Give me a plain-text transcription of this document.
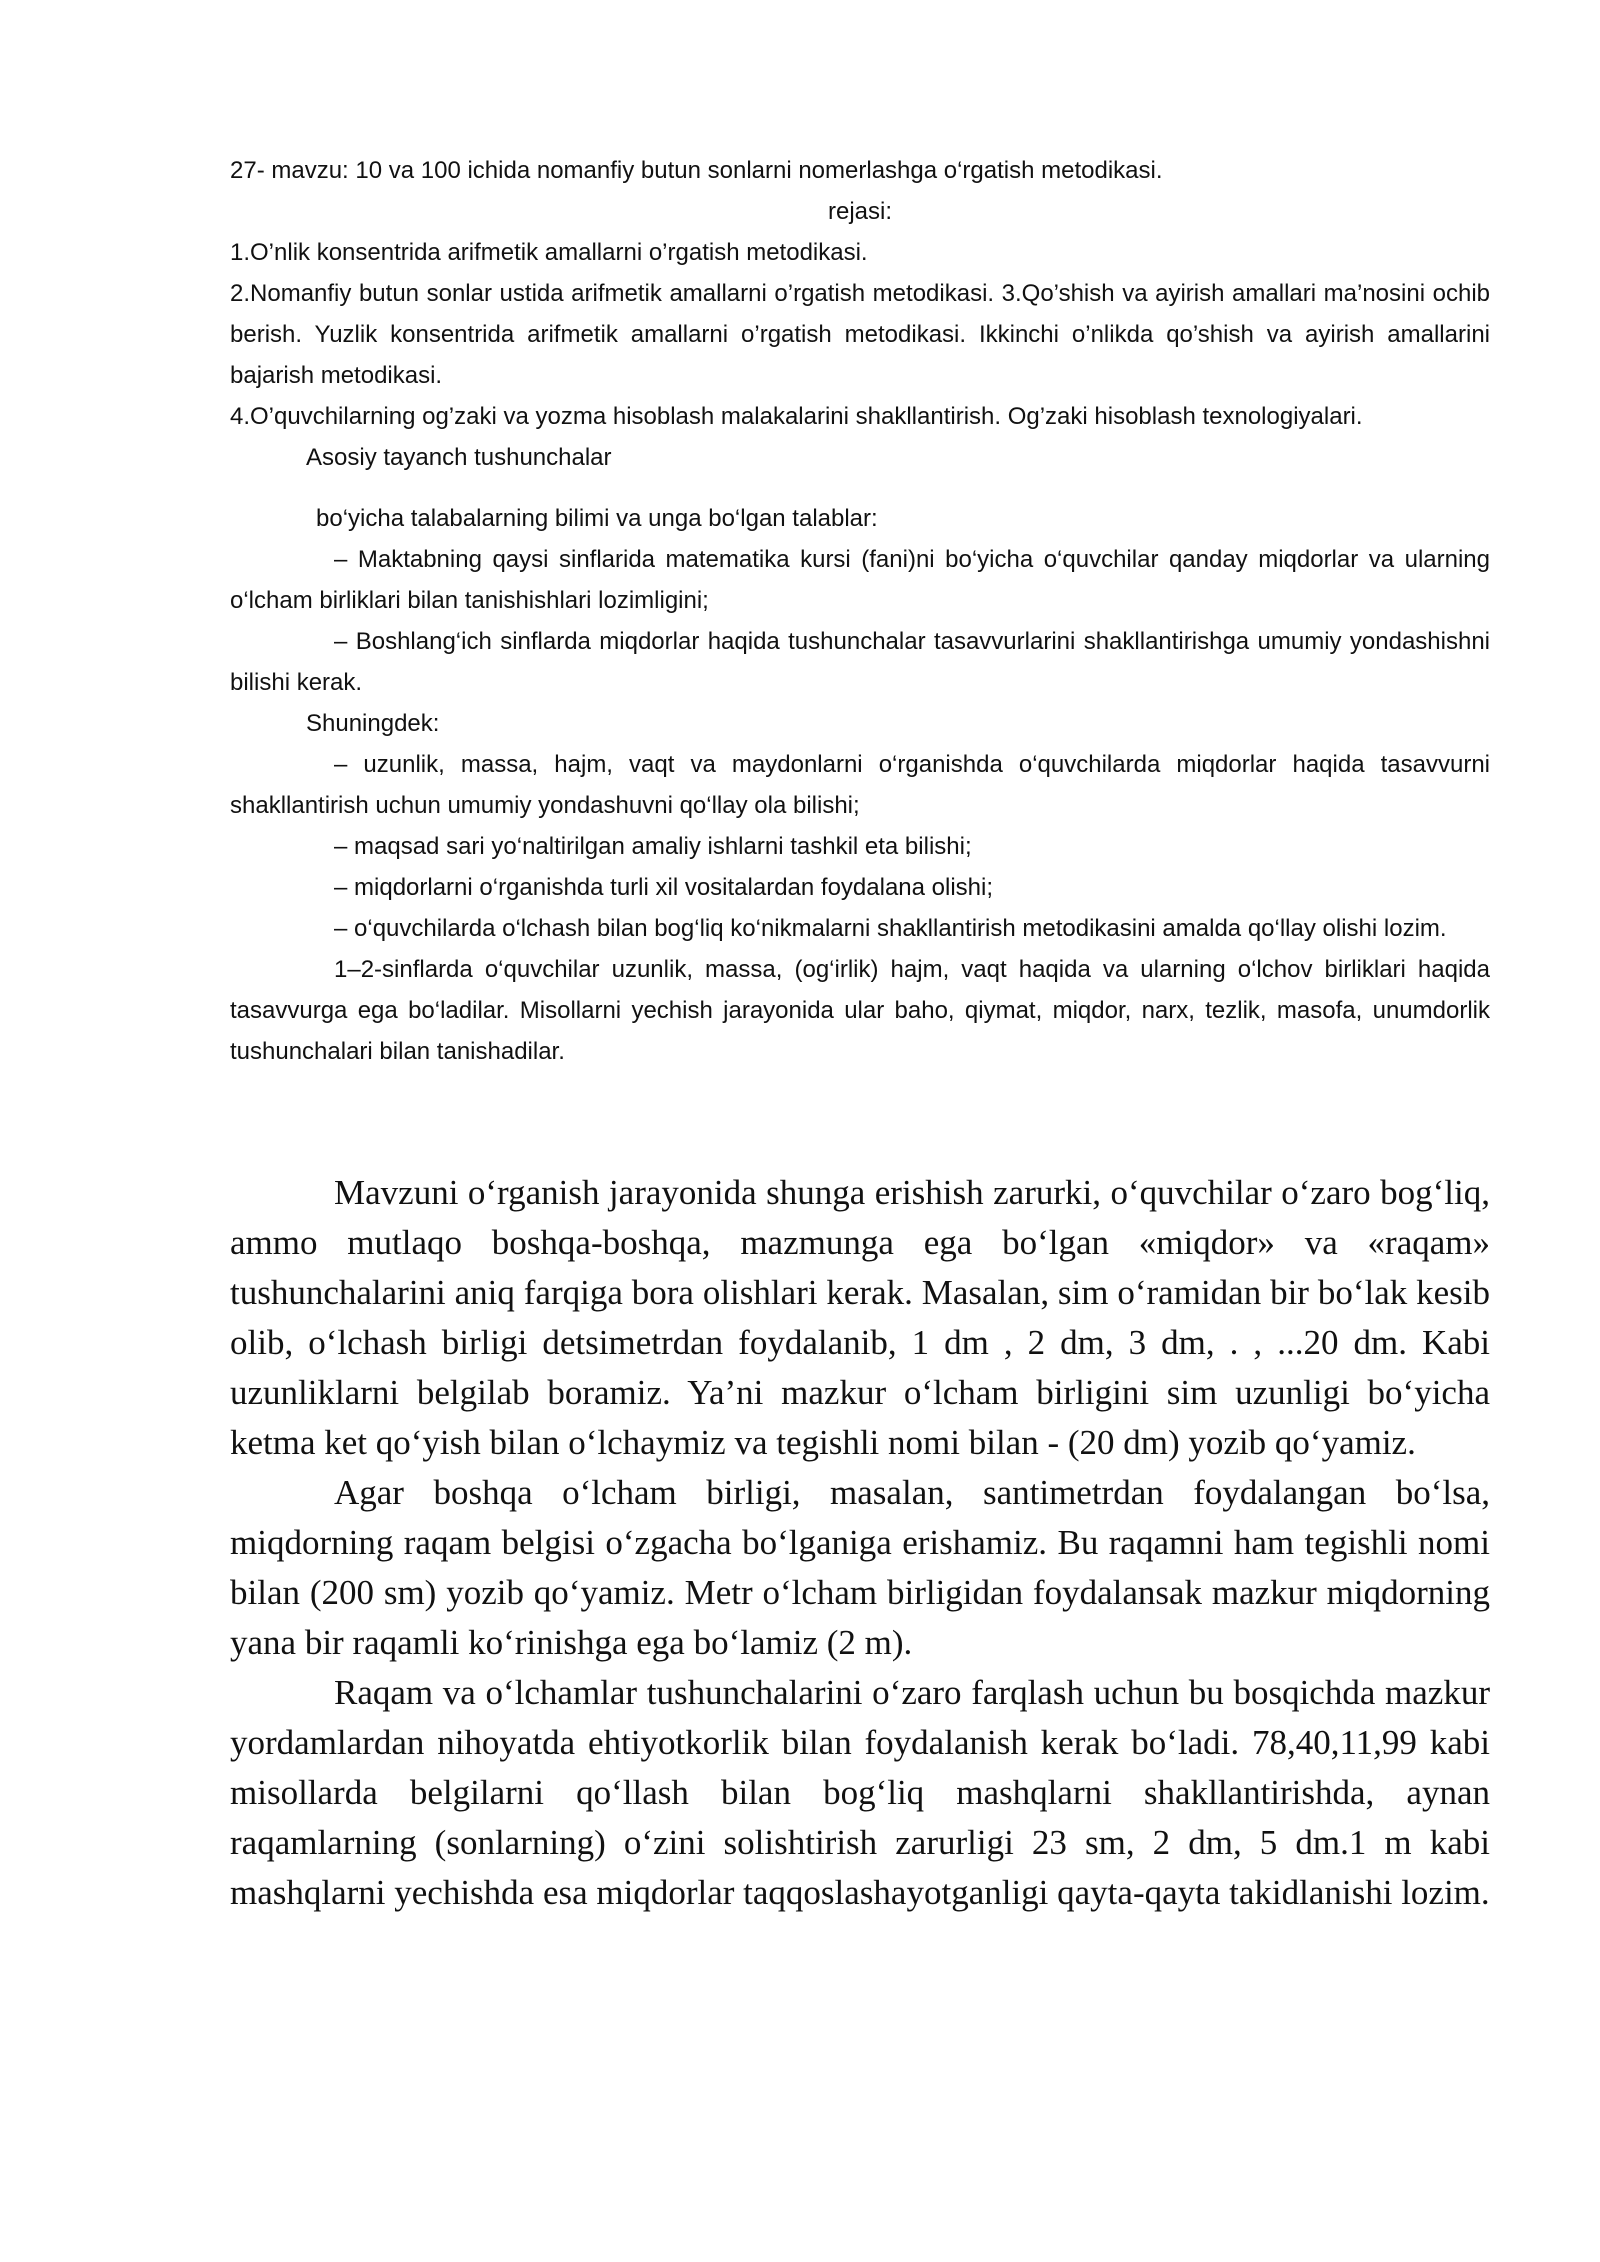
27- mavzu: 10 va 100 ichida nomanfiy butun sonlarni nomerlashga o‘rgatish metodikasi.

rejasi:

1.O’nlik konsentrida arifmetik amallarni o’rgatish metodikasi.

2.Nomanfiy butun sonlar ustida arifmetik amallarni o’rgatish metodikasi. 3.Qo’shish va ayirish amallari ma’nosini ochib berish. Yuzlik konsentrida arifmetik amallarni o’rgatish metodikasi. Ikkinchi o’nlikda qo’shish va ayirish amallarini bajarish metodikasi.

4.O’quvchilarning og’zaki va yozma hisoblash malakalarini shakllantirish. Og’zaki hisoblash texnologiyalari.

Asosiy tayanch tushunchalar

bo‘yicha talabalarning bilimi va unga bo‘lgan talablar:

– Maktabning qaysi sinflarida matematika kursi (fani)ni bo‘yicha o‘quvchilar qanday miqdorlar va ularning o‘lcham birliklari bilan tanishishlari lozimligini;

– Boshlang‘ich sinflarda miqdorlar haqida tushunchalar tasavvurlarini shakllantirishga umumiy yondashishni bilishi kerak.

Shuningdek:

– uzunlik, massa, hajm, vaqt va maydonlarni o‘rganishda o‘quvchilarda miqdorlar haqida tasavvurni shakllantirish uchun umumiy yondashuvni qo‘llay ola bilishi;

– maqsad sari yo‘naltirilgan amaliy ishlarni tashkil eta bilishi;

– miqdorlarni o‘rganishda turli xil vositalardan foydalana olishi;

– o‘quvchilarda o‘lchash bilan bog‘liq ko‘nikmalarni shakllantirish metodikasini amalda qo‘llay olishi lozim.

1–2-sinflarda o‘quvchilar uzunlik, massa, (og‘irlik) hajm, vaqt haqida va ularning o‘lchov birliklari haqida tasavvurga ega bo‘ladilar. Misollarni yechish jarayonida ular baho, qiymat, miqdor, narx, tezlik, masofa, unumdorlik tushunchalari bilan tanishadilar.

Mavzuni o‘rganish jarayonida shunga erishish zarurki, o‘quvchilar o‘zaro bog‘liq, ammo mutlaqo boshqa-boshqa, mazmunga ega bo‘lgan «miqdor» va «raqam» tushunchalarini aniq farqiga bora olishlari kerak. Masalan, sim o‘ramidan bir bo‘lak kesib olib, o‘lchash birligi detsimetrdan foydalanib, 1 dm , 2 dm, 3 dm, . , ...20 dm. Kabi uzunliklarni belgilab boramiz. Ya’ni mazkur o‘lcham birligini sim uzunligi bo‘yicha ketma ket qo‘yish bilan o‘lchaymiz va tegishli nomi bilan - (20 dm) yozib qo‘yamiz.

Agar boshqa o‘lcham birligi, masalan, santimetrdan foydalangan bo‘lsa, miqdorning raqam belgisi o‘zgacha bo‘lganiga erishamiz. Bu raqamni ham tegishli nomi bilan (200 sm) yozib qo‘yamiz. Metr o‘lcham birligidan foydalansak mazkur miqdorning yana bir raqamli ko‘rinishga ega bo‘lamiz (2 m).

Raqam va o‘lchamlar tushunchalarini o‘zaro farqlash uchun bu bosqichda mazkur yordamlardan nihoyatda ehtiyotkorlik bilan foydalanish kerak bo‘ladi. 78,40,11,99 kabi misollarda belgilarni qo‘llash bilan bog‘liq mashqlarni shakllantirishda, aynan raqamlarning (sonlarning) o‘zini solishtirish zarurligi 23 sm, 2 dm, 5 dm.1 m kabi mashqlarni yechishda esa miqdorlar taqqoslashayotganligi qayta-qayta takidlanishi lozim.
